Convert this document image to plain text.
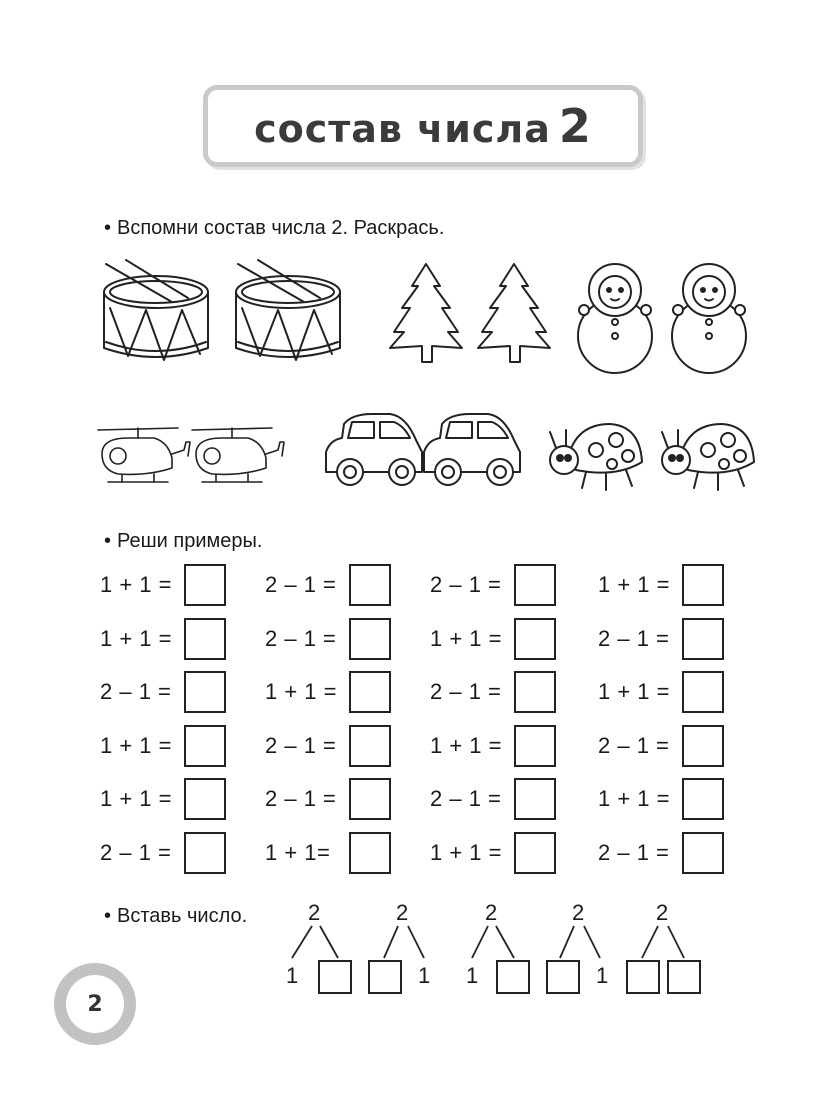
состав числа 2
• Вспомни состав числа 2. Раскрась.
• Реши примеры.
1 + 1 =	2 – 1 =	2 – 1 =	1 + 1 =
1 + 1 =	2 – 1 =	1 + 1 =	2 – 1 =
2 – 1 =	1 + 1 =	2 – 1 =	1 + 1 =
1 + 1 =	2 – 1 =	1 + 1 =	2 – 1 =
1 + 1 =	2 – 1 =	2 – 1 =	1 + 1 =
2 – 1 =	1 + 1=	1 + 1 =	2 – 1 =
• Вставь число.	2
1
2
1
2
1
2
1
2
2
